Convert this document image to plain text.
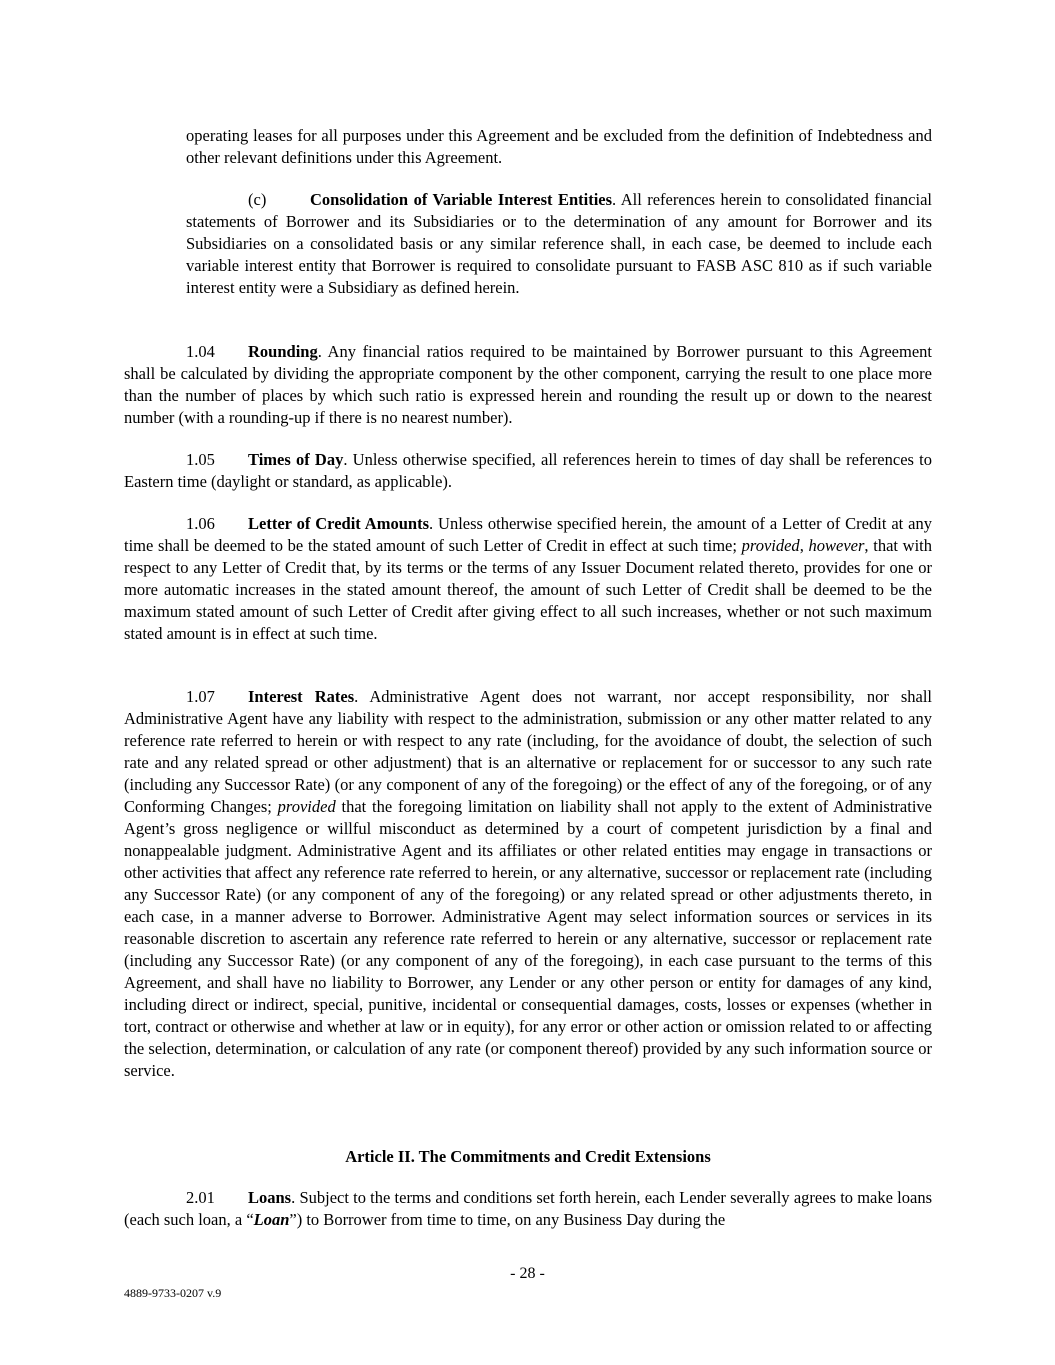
operating leases for all purposes under this Agreement and be excluded from the definition of Indebtedness and other relevant definitions under this Agreement.
(c)	Consolidation of Variable Interest Entities. All references herein to consolidated financial statements of Borrower and its Subsidiaries or to the determination of any amount for Borrower and its Subsidiaries on a consolidated basis or any similar reference shall, in each case, be deemed to include each variable interest entity that Borrower is required to consolidate pursuant to FASB ASC 810 as if such variable interest entity were a Subsidiary as defined herein.
1.04 Rounding. Any financial ratios required to be maintained by Borrower pursuant to this Agreement shall be calculated by dividing the appropriate component by the other component, carrying the result to one place more than the number of places by which such ratio is expressed herein and rounding the result up or down to the nearest number (with a rounding-up if there is no nearest number).
1.05 Times of Day. Unless otherwise specified, all references herein to times of day shall be references to Eastern time (daylight or standard, as applicable).
1.06 Letter of Credit Amounts. Unless otherwise specified herein, the amount of a Letter of Credit at any time shall be deemed to be the stated amount of such Letter of Credit in effect at such time; provided, however, that with respect to any Letter of Credit that, by its terms or the terms of any Issuer Document related thereto, provides for one or more automatic increases in the stated amount thereof, the amount of such Letter of Credit shall be deemed to be the maximum stated amount of such Letter of Credit after giving effect to all such increases, whether or not such maximum stated amount is in effect at such time.
1.07 Interest Rates. Administrative Agent does not warrant, nor accept responsibility, nor shall Administrative Agent have any liability with respect to the administration, submission or any other matter related to any reference rate referred to herein or with respect to any rate (including, for the avoidance of doubt, the selection of such rate and any related spread or other adjustment) that is an alternative or replacement for or successor to any such rate (including any Successor Rate) (or any component of any of the foregoing) or the effect of any of the foregoing, or of any Conforming Changes; provided that the foregoing limitation on liability shall not apply to the extent of Administrative Agent’s gross negligence or willful misconduct as determined by a court of competent jurisdiction by a final and nonappealable judgment. Administrative Agent and its affiliates or other related entities may engage in transactions or other activities that affect any reference rate referred to herein, or any alternative, successor or replacement rate (including any Successor Rate) (or any component of any of the foregoing) or any related spread or other adjustments thereto, in each case, in a manner adverse to Borrower. Administrative Agent may select information sources or services in its reasonable discretion to ascertain any reference rate referred to herein or any alternative, successor or replacement rate (including any Successor Rate) (or any component of any of the foregoing), in each case pursuant to the terms of this Agreement, and shall have no liability to Borrower, any Lender or any other person or entity for damages of any kind, including direct or indirect, special, punitive, incidental or consequential damages, costs, losses or expenses (whether in tort, contract or otherwise and whether at law or in equity), for any error or other action or omission related to or affecting the selection, determination, or calculation of any rate (or component thereof) provided by any such information source or service.
Article II. The Commitments and Credit Extensions
2.01 Loans. Subject to the terms and conditions set forth herein, each Lender severally agrees to make loans (each such loan, a “Loan”) to Borrower from time to time, on any Business Day during the
- 28 -
4889-9733-0207 v.9
